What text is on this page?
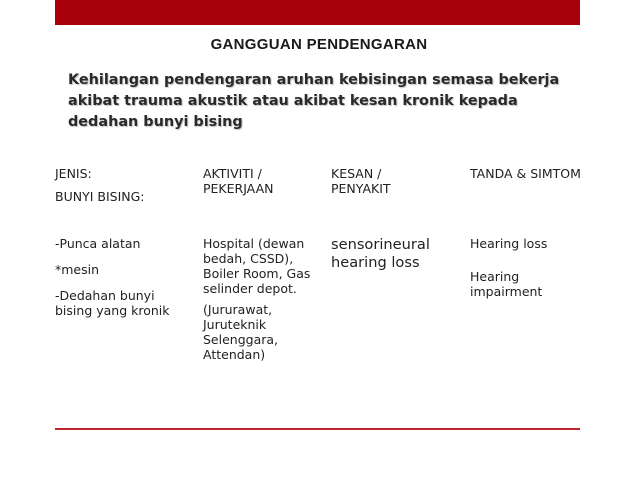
GANGGUAN PENDENGARAN
Kehilangan pendengaran aruhan kebisingan semasa bekerja akibat trauma akustik atau akibat kesan kronik kepada dedahan bunyi bising

JENIS:

BUNYI BISING:

AKTIVITI / PEKERJAAN
KESAN / PENYAKIT
TANDA & SIMTOM

-Punca alatan

*mesin

-Dedahan bunyi bising yang kronik

Hospital (dewan bedah, CSSD), Boiler Room, Gas selinder depot.

(Jururawat, Juruteknik Selenggara, Attendan)

sensorineural hearing loss

Hearing loss

Hearing impairment
